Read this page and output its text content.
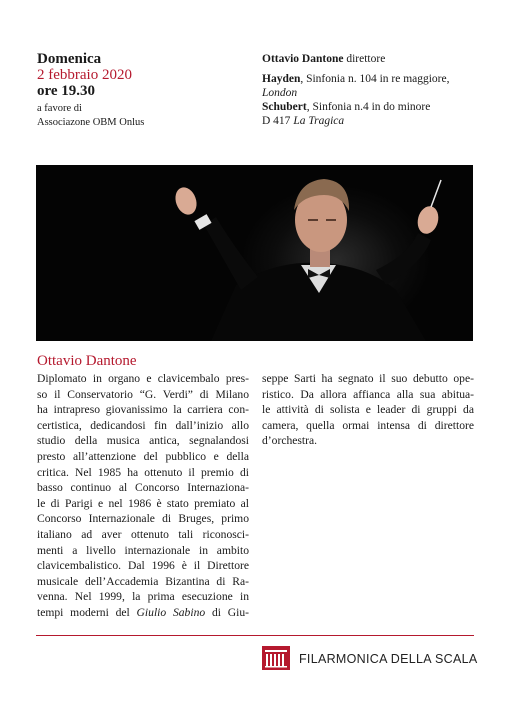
Domenica
2 febbraio 2020
ore 19.30
a favore di
Associazone OBM Onlus
Ottavio Dantone direttore
Hayden, Sinfonia n. 104 in re maggiore,
London
Schubert, Sinfonia n.4 in do minore
D 417 La Tragica
Ottavio Dantone
Diplomato in organo e clavicembalo pres-
so il Conservatorio “G. Verdi” di Milano
ha intrapreso giovanissimo la carriera con-
certistica, dedicandosi fin dall’inizio allo
studio della musica antica, segnalandosi
presto all’attenzione del pubblico e della
critica. Nel 1985 ha ottenuto il premio di
basso continuo al Concorso Internaziona-
le di Parigi e nel 1986 è stato premiato al
Concorso Internazionale di Bruges, primo
italiano ad aver ottenuto tali riconosci-
menti a livello internazionale in ambito
clavicembalistico. Dal 1996 è il Direttore
musicale dell’Accademia Bizantina di Ra-
venna. Nel 1999, la prima esecuzione in
tempi moderni del Giulio Sabino di Giu-
seppe Sarti ha segnato il suo debutto ope-
ristico. Da allora affianca alla sua abitua-
le attività di solista e leader di gruppi da
camera, quella ormai intensa di direttore
d’orchestra.
FILARMONICA DELLA SCALA
